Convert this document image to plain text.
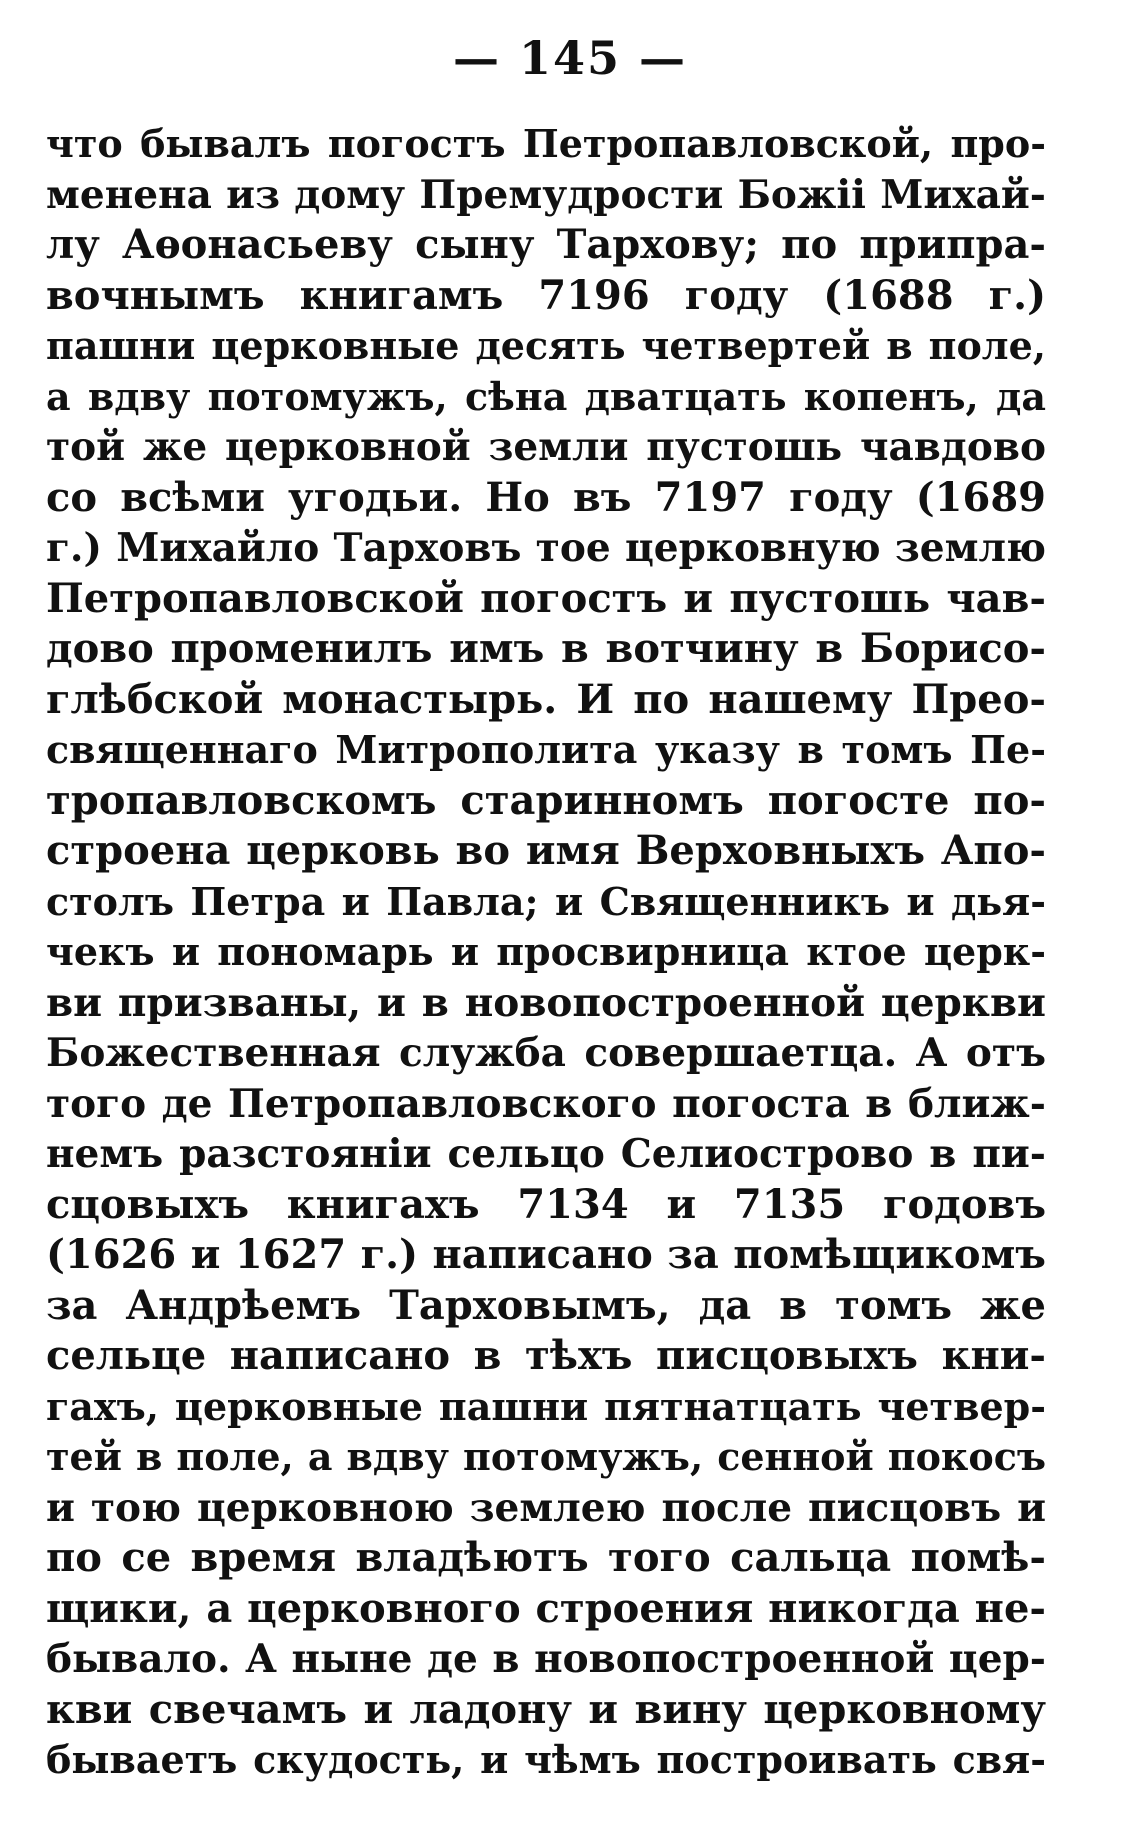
— 145 —
что бывалъ погостъ Петропавловской, про-
менена из дому Премудрости Божіі Михай-
лу Аѳонасьеву сыну Тархову; по припра-
вочнымъ книгамъ 7196 году (1688 г.)
пашни церковные десять четвертей в поле,
а вдву потомужъ, сѣна дватцать копенъ, да
той же церковной земли пустошь чавдово
со всѣми угодьи. Но въ 7197 году (1689
г.) Михайло Тарховъ тое церковную землю
Петропавловской погостъ и пустошь чав-
дово променилъ имъ в вотчину в Борисо-
глѣбской монастырь. И по нашему Прео-
священнаго Митрополита указу в томъ Пе-
тропавловскомъ старинномъ погосте по-
строена церковь во имя Верховныхъ Апо-
столъ Петра и Павла; и Священникъ и дья-
чекъ и пономарь и просвирница ктое церк-
ви призваны, и в новопостроенной церкви
Божественная служба совершаетца. А отъ
того де Петропавловского погоста в ближ-
немъ разстояніи сельцо Селиострово в пи-
сцовыхъ книгахъ 7134 и 7135 годовъ
(1626 и 1627 г.) написано за помѣщикомъ
за Андрѣемъ Тарховымъ, да в томъ же
сельце написано в тѣхъ писцовыхъ кни-
гахъ, церковные пашни пятнатцать четвер-
тей в поле, а вдву потомужъ, сенной покосъ
и тою церковною землею после писцовъ и
по се время владѣютъ того сальца помѣ-
щики, а церковного строения никогда не-
бывало. А ныне де в новопостроенной цер-
кви свечамъ и ладону и вину церковному
бываетъ скудость, и чѣмъ построивать свя-
